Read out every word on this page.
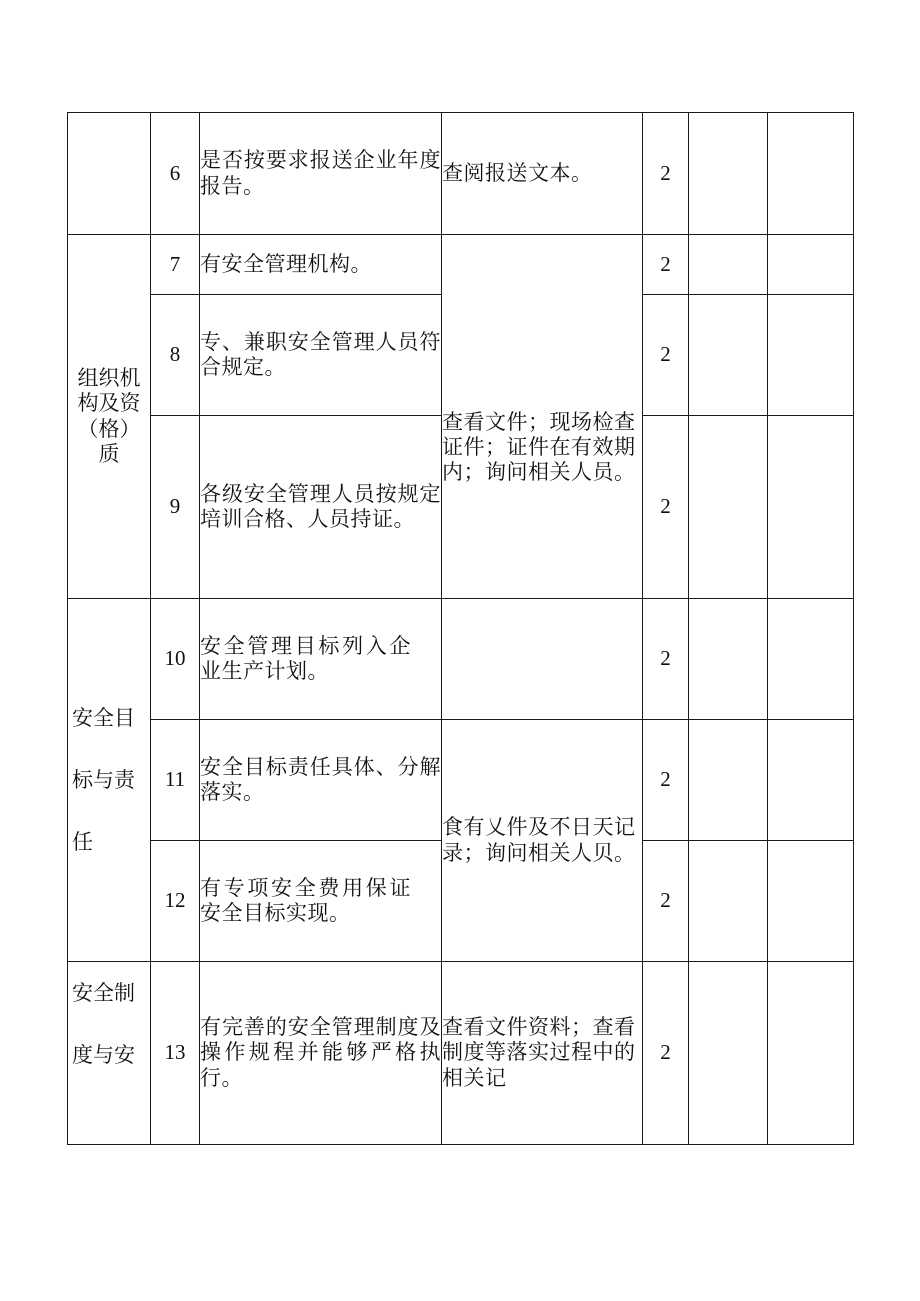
	6	是否按要求报送企业年度报告。	查阅报送文本。	2		
组织机构及资（格）质	7	有安全管理机构。	查看文件；现场检查证件；证件在有效期内；询问相关人员。	2		
	8	专、兼职安全管理人员符合规定。		2		
	9	各级安全管理人员按规定培训合格、人员持证。		2		
安全目标与责任	10	安全管理目标列入企业生产计划。		2		
	11	安全目标责任具体、分解落实。	食有乂件及不日天记录；询问相关人贝。	2		
	12	有专项安全费用保证安全目标实现。		2		
安全制度与安	13	有完善的安全管理制度及操作规程并能够严格执行。	查看文件资料；查看制度等落实过程中的相关记	2		
